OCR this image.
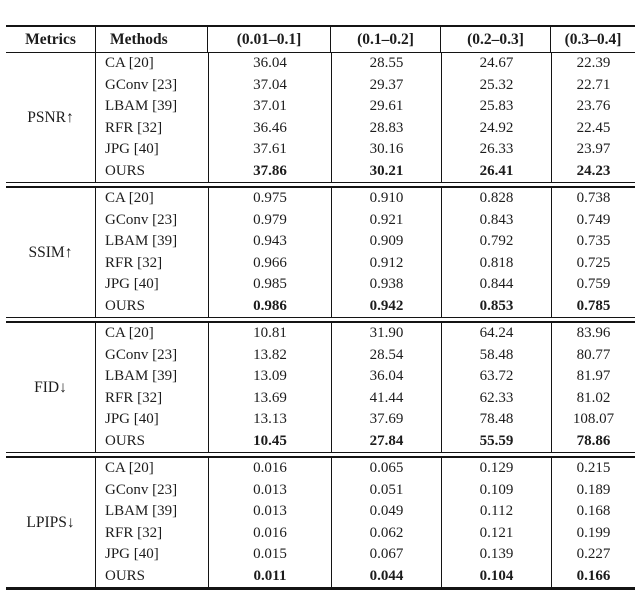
Metrics	Methods	(0.01–0.1]	(0.1–0.2]	(0.2–0.3]	(0.3–0.4]
PSNR↑
CA [20]	36.04	28.55	24.67	22.39
GConv [23]	37.04	29.37	25.32	22.71
LBAM [39]	37.01	29.61	25.83	23.76
RFR [32]	36.46	28.83	24.92	22.45
JPG [40]	37.61	30.16	26.33	23.97
OURS	37.86	30.21	26.41	24.23
SSIM↑
CA [20]	0.975	0.910	0.828	0.738
GConv [23]	0.979	0.921	0.843	0.749
LBAM [39]	0.943	0.909	0.792	0.735
RFR [32]	0.966	0.912	0.818	0.725
JPG [40]	0.985	0.938	0.844	0.759
OURS	0.986	0.942	0.853	0.785
FID↓
CA [20]	10.81	31.90	64.24	83.96
GConv [23]	13.82	28.54	58.48	80.77
LBAM [39]	13.09	36.04	63.72	81.97
RFR [32]	13.69	41.44	62.33	81.02
JPG [40]	13.13	37.69	78.48	108.07
OURS	10.45	27.84	55.59	78.86
LPIPS↓
CA [20]	0.016	0.065	0.129	0.215
GConv [23]	0.013	0.051	0.109	0.189
LBAM [39]	0.013	0.049	0.112	0.168
RFR [32]	0.016	0.062	0.121	0.199
JPG [40]	0.015	0.067	0.139	0.227
OURS	0.011	0.044	0.104	0.166
